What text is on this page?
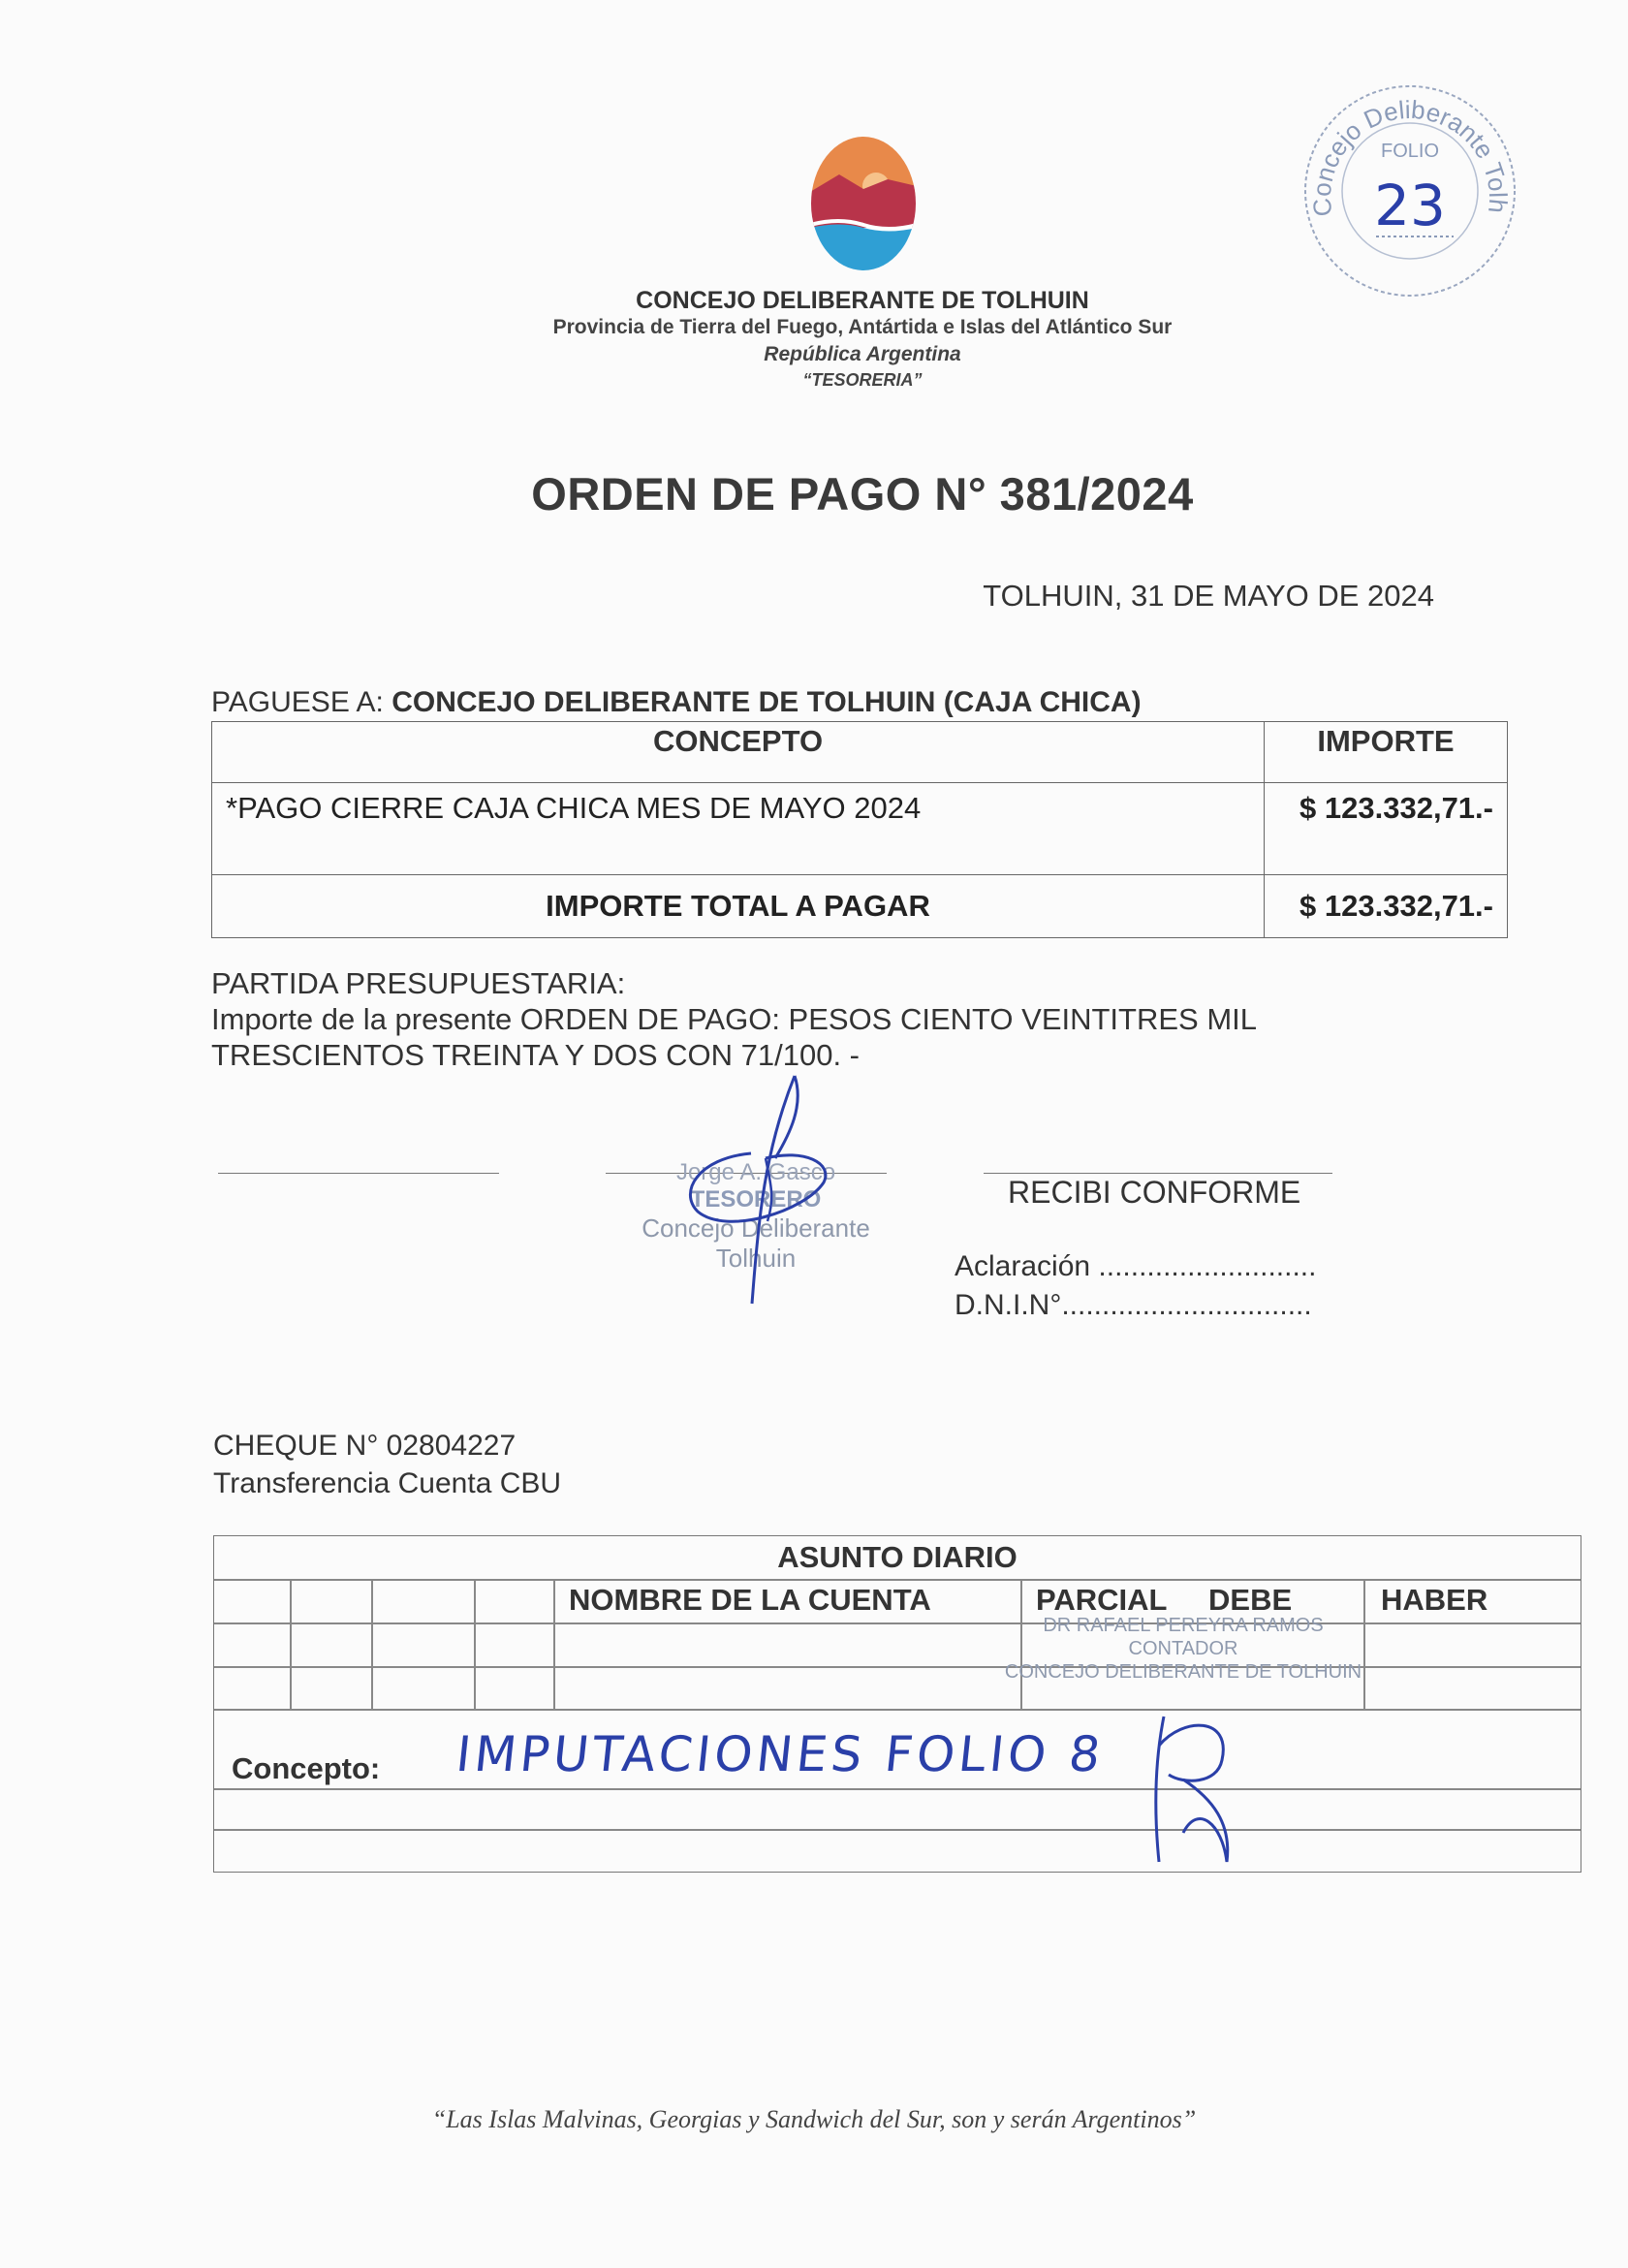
Concejo Deliberante Tolh
FOLIO
23
CONCEJO DELIBERANTE DE TOLHUIN
Provincia de Tierra del Fuego, Antártida e Islas del Atlántico Sur
República Argentina
“TESORERIA”
ORDEN DE PAGO N° 381/2024
TOLHUIN, 31 DE MAYO DE 2024
PAGUESE A: CONCEJO DELIBERANTE DE TOLHUIN (CAJA CHICA)
CONCEPTO	IMPORTE
*PAGO CIERRE CAJA CHICA MES DE MAYO 2024	$ 123.332,71.-
IMPORTE TOTAL A PAGAR	$ 123.332,71.-
PARTIDA PRESUPUESTARIA:
Importe de la presente ORDEN DE PAGO: PESOS CIENTO VEINTITRES MIL
TRESCIENTOS TREINTA Y DOS CON 71/100. -
Jorge A. Gasco
TESORERO
Concejo Deliberante Tolhuin
RECIBI CONFORME
Aclaración ...........................
D.N.I.N°...............................
CHEQUE N° 02804227
Transferencia Cuenta CBU
ASUNTO DIARIO
NOMBRE DE LA CUENTA	PARCIAL DEBE	HABER
Concepto:
DR RAFAEL PEREYRA RAMOS
CONTADOR
CONCEJO DELIBERANTE DE TOLHUIN
IMPUTACIONES FOLIO 8
“Las Islas Malvinas, Georgias y Sandwich del Sur, son y serán Argentinos”
